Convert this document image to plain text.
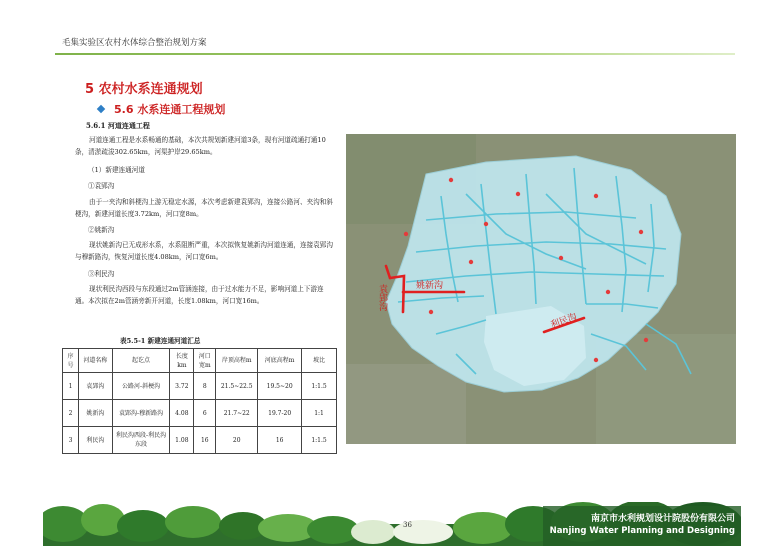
毛集实验区农村水体综合整治规划方案
5 农村水系连通规划
5.6 水系连通工程规划
5.6.1 河道连通工程
河道连通工程是水系畅通的基础，本次共规划新建河道3条，现有河道疏通打通10条，清淤疏浚302.65km，河渠护岸29.65km。
（1）新建连通河道
①袁郢沟
由于一夹沟和斜梗沟上游无稳定水源，本次考虑新建袁郢沟，连接公路河、夹沟和斜梗沟，新建河道长度3.72km，河口宽8m。
②姚新沟
现状姚新沟已无成形水系，水系阻断严重，本次拟恢复姚新沟河道连通，连接袁郢沟与穆新路沟，恢复河道长度4.08km，河口宽6m。
③利民沟
现状利民沟西段与东段通过2m管涵连接，由于过水能力不足，影响河道上下游连通。本次拟在2m管涵旁新开河道，长度1.08km，河口宽16m。
表5.5-1 新建连通河道汇总
序号	河道名称	起讫点	长度km	河口宽m	岸顶高程m	河底高程m	坡比
1	袁郢沟	公路河-斜梗沟	3.72	8	21.5~22.5	19.5~20	1:1.5
2	姚新沟	袁郢沟-穆新路沟	4.08	6	21.7~22	19.7-20	1:1
3	利民沟	利民沟西段-利民沟东段	1.08	16	20	16	1:1.5
袁郢沟	姚新沟
利民沟
36
南京市水利规划设计院股份有限公司
Nanjing Water Planning and Designing
